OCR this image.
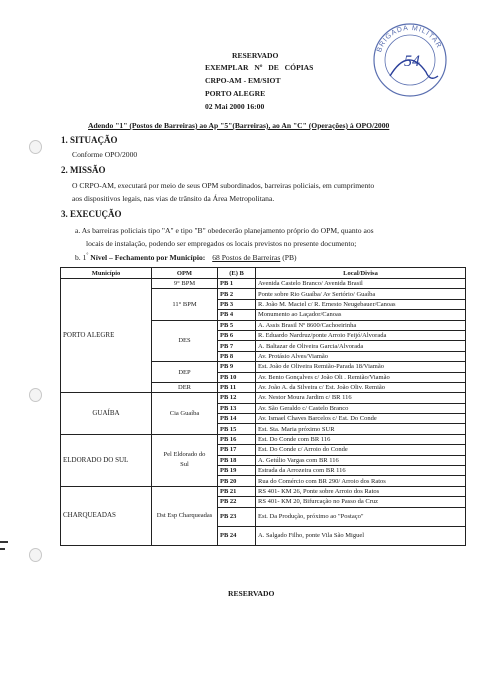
BRIGADA MILITAR
54
RESERVADO
EXEMPLAR Nº DE CÓPIAS
CRPO-AM - EM/SIOT
PORTO ALEGRE
02 Mai 2000 16:00
Adendo "1" (Postos de Barreiras) ao Ap "5"(Barreiras), ao An "C" (Operações) à OPO/2000
1. SITUAÇÃO
Conforme OPO/2000
2. MISSÃO
O CRPO-AM, executará por meio de seus OPM subordinados, barreiras policiais, em cumprimento
aos dispositivos legais, nas vias de trânsito da Área Metropolitana.
3. EXECUÇÃO
a. As barreiras policiais tipo "A" e tipo "B" obedecerão planejamento próprio do OPM, quanto aos
locais de instalação, podendo ser empregados os locais previstos no presente documento;
b. 1° Nível – Fechamento por Município: 68 Postos de Barreiras (PB)
Município	OPM	(E) B	Local/Divisa
PORTO ALEGRE	9° BPM	PB 1	Avenida Castelo Branco/ Avenida Brasil
	11° BPM	PB 2	Ponte sobre Rio Guaíba/ Av Sertório/ Guaíba
		PB 3	R. João M. Maciel c/ R. Ernesto Neugebauer/Canoas
		PB 4	Monumento ao Laçador/Canoas
	DES	PB 5	A. Assis Brasil Nº 8600/Cachoeirinha
		PB 6	R. Eduardo Nardruz/ponte Arroio Feijó/Alvorada
		PB 7	A. Baltazar de Oliveira Garcia/Alvorada
		PB 8	Av. Protásio Alves/Viamão
	DEP	PB 9	Est. João de Oliveira Remião-Parada 18/Viamão
		PB 10	Av. Bento Gonçalves c/ João Oli . Remião/Viamão
	DER	PB 11	Av. João A. da Silveira c/ Est. João Oliv. Remião
GUAÍBA	Cia Guaíba	PB 12	Av. Nestor Moura Jardim c/ BR 116
		PB 13	Av. São Geraldo c/ Castelo Branco
		PB 14	Av. Ismael Chaves Barcelos c/ Est. Do Conde
		PB 15	Est. Sta. Maria próximo SUR
ELDORADO DO SUL	Pel Eldorado do Sul	PB 16	Est. Do Conde com BR 116
		PB 17	Est. Do Conde c/ Arroio do Conde
		PB 18	A. Getúlio Vargas com BR 116
		PB 19	Estrada da Arrozeira com BR 116
		PB 20	Rua do Comércio com BR 290/ Arroio dos Ratos
CHARQUEADAS	Dst Esp Charqueadas	PB 21	RS 401- KM 26, Ponte sobre Arroio dos Ratos
		PB 22	RS 401- KM 20, Bifurcação no Passo da Cruz
		PB 23	Est. Da Produção, próximo ao "Postaço"
		PB 24	A. Salgado Filho, ponte Vila São Miguel
RESERVADO
